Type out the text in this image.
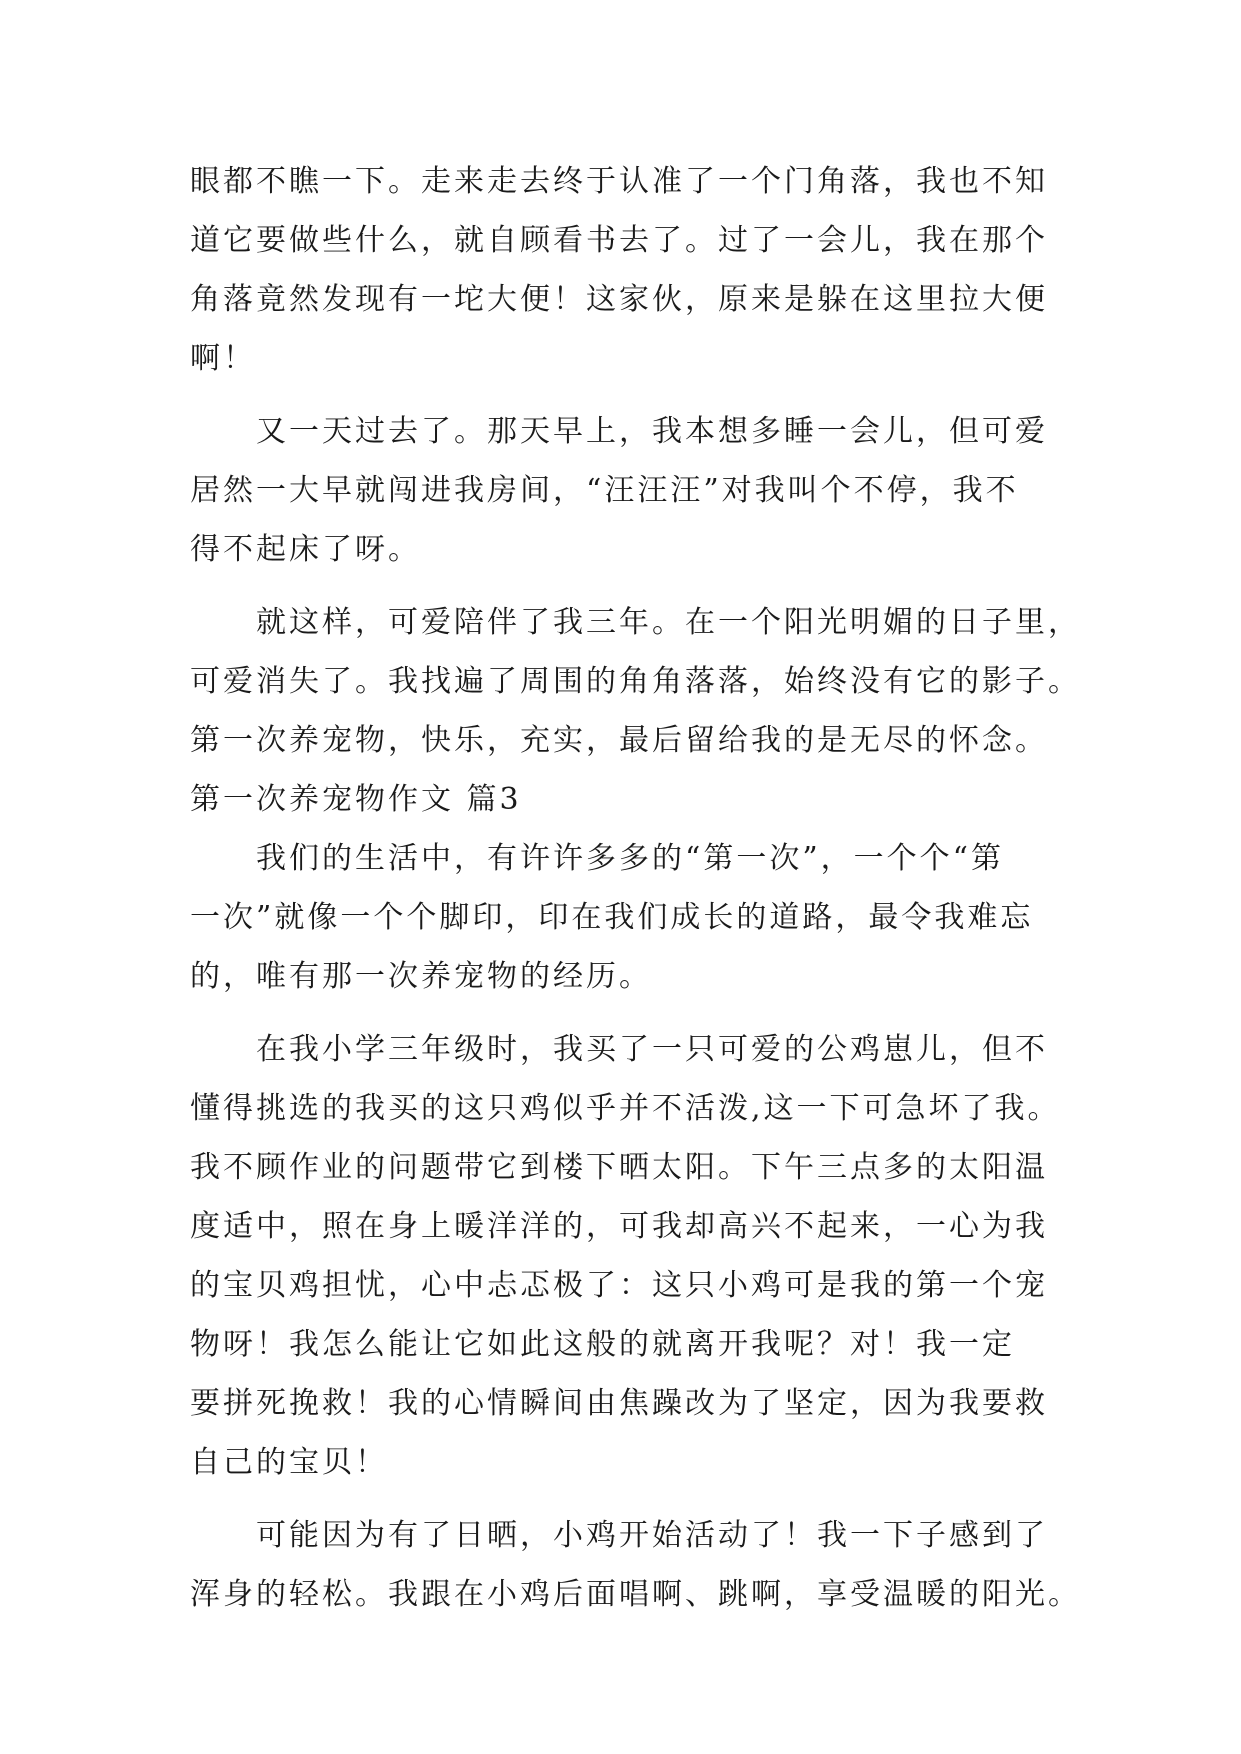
眼都不瞧一下。走来走去终于认准了一个门角落，我也不知
道它要做些什么，就自顾看书去了。过了一会儿，我在那个
角落竟然发现有一坨大便！这家伙，原来是躲在这里拉大便
啊！
又一天过去了。那天早上，我本想多睡一会儿，但可爱
居然一大早就闯进我房间，“汪汪汪”对我叫个不停，我不
得不起床了呀。
就这样，可爱陪伴了我三年。在一个阳光明媚的日子里，
可爱消失了。我找遍了周围的角角落落，始终没有它的影子。
第一次养宠物，快乐，充实，最后留给我的是无尽的怀念。
第一次养宠物作文 篇3
我们的生活中，有许许多多的“第一次”，一个个“第
一次”就像一个个脚印，印在我们成长的道路，最令我难忘
的，唯有那一次养宠物的经历。
在我小学三年级时，我买了一只可爱的公鸡崽儿，但不
懂得挑选的我买的这只鸡似乎并不活泼,这一下可急坏了我。
我不顾作业的问题带它到楼下晒太阳。下午三点多的太阳温
度适中，照在身上暖洋洋的，可我却高兴不起来，一心为我
的宝贝鸡担忧，心中忐忑极了：这只小鸡可是我的第一个宠
物呀！我怎么能让它如此这般的就离开我呢？对！我一定
要拼死挽救！我的心情瞬间由焦躁改为了坚定，因为我要救
自己的宝贝！
可能因为有了日晒，小鸡开始活动了！我一下子感到了
浑身的轻松。我跟在小鸡后面唱啊、跳啊，享受温暖的阳光。
